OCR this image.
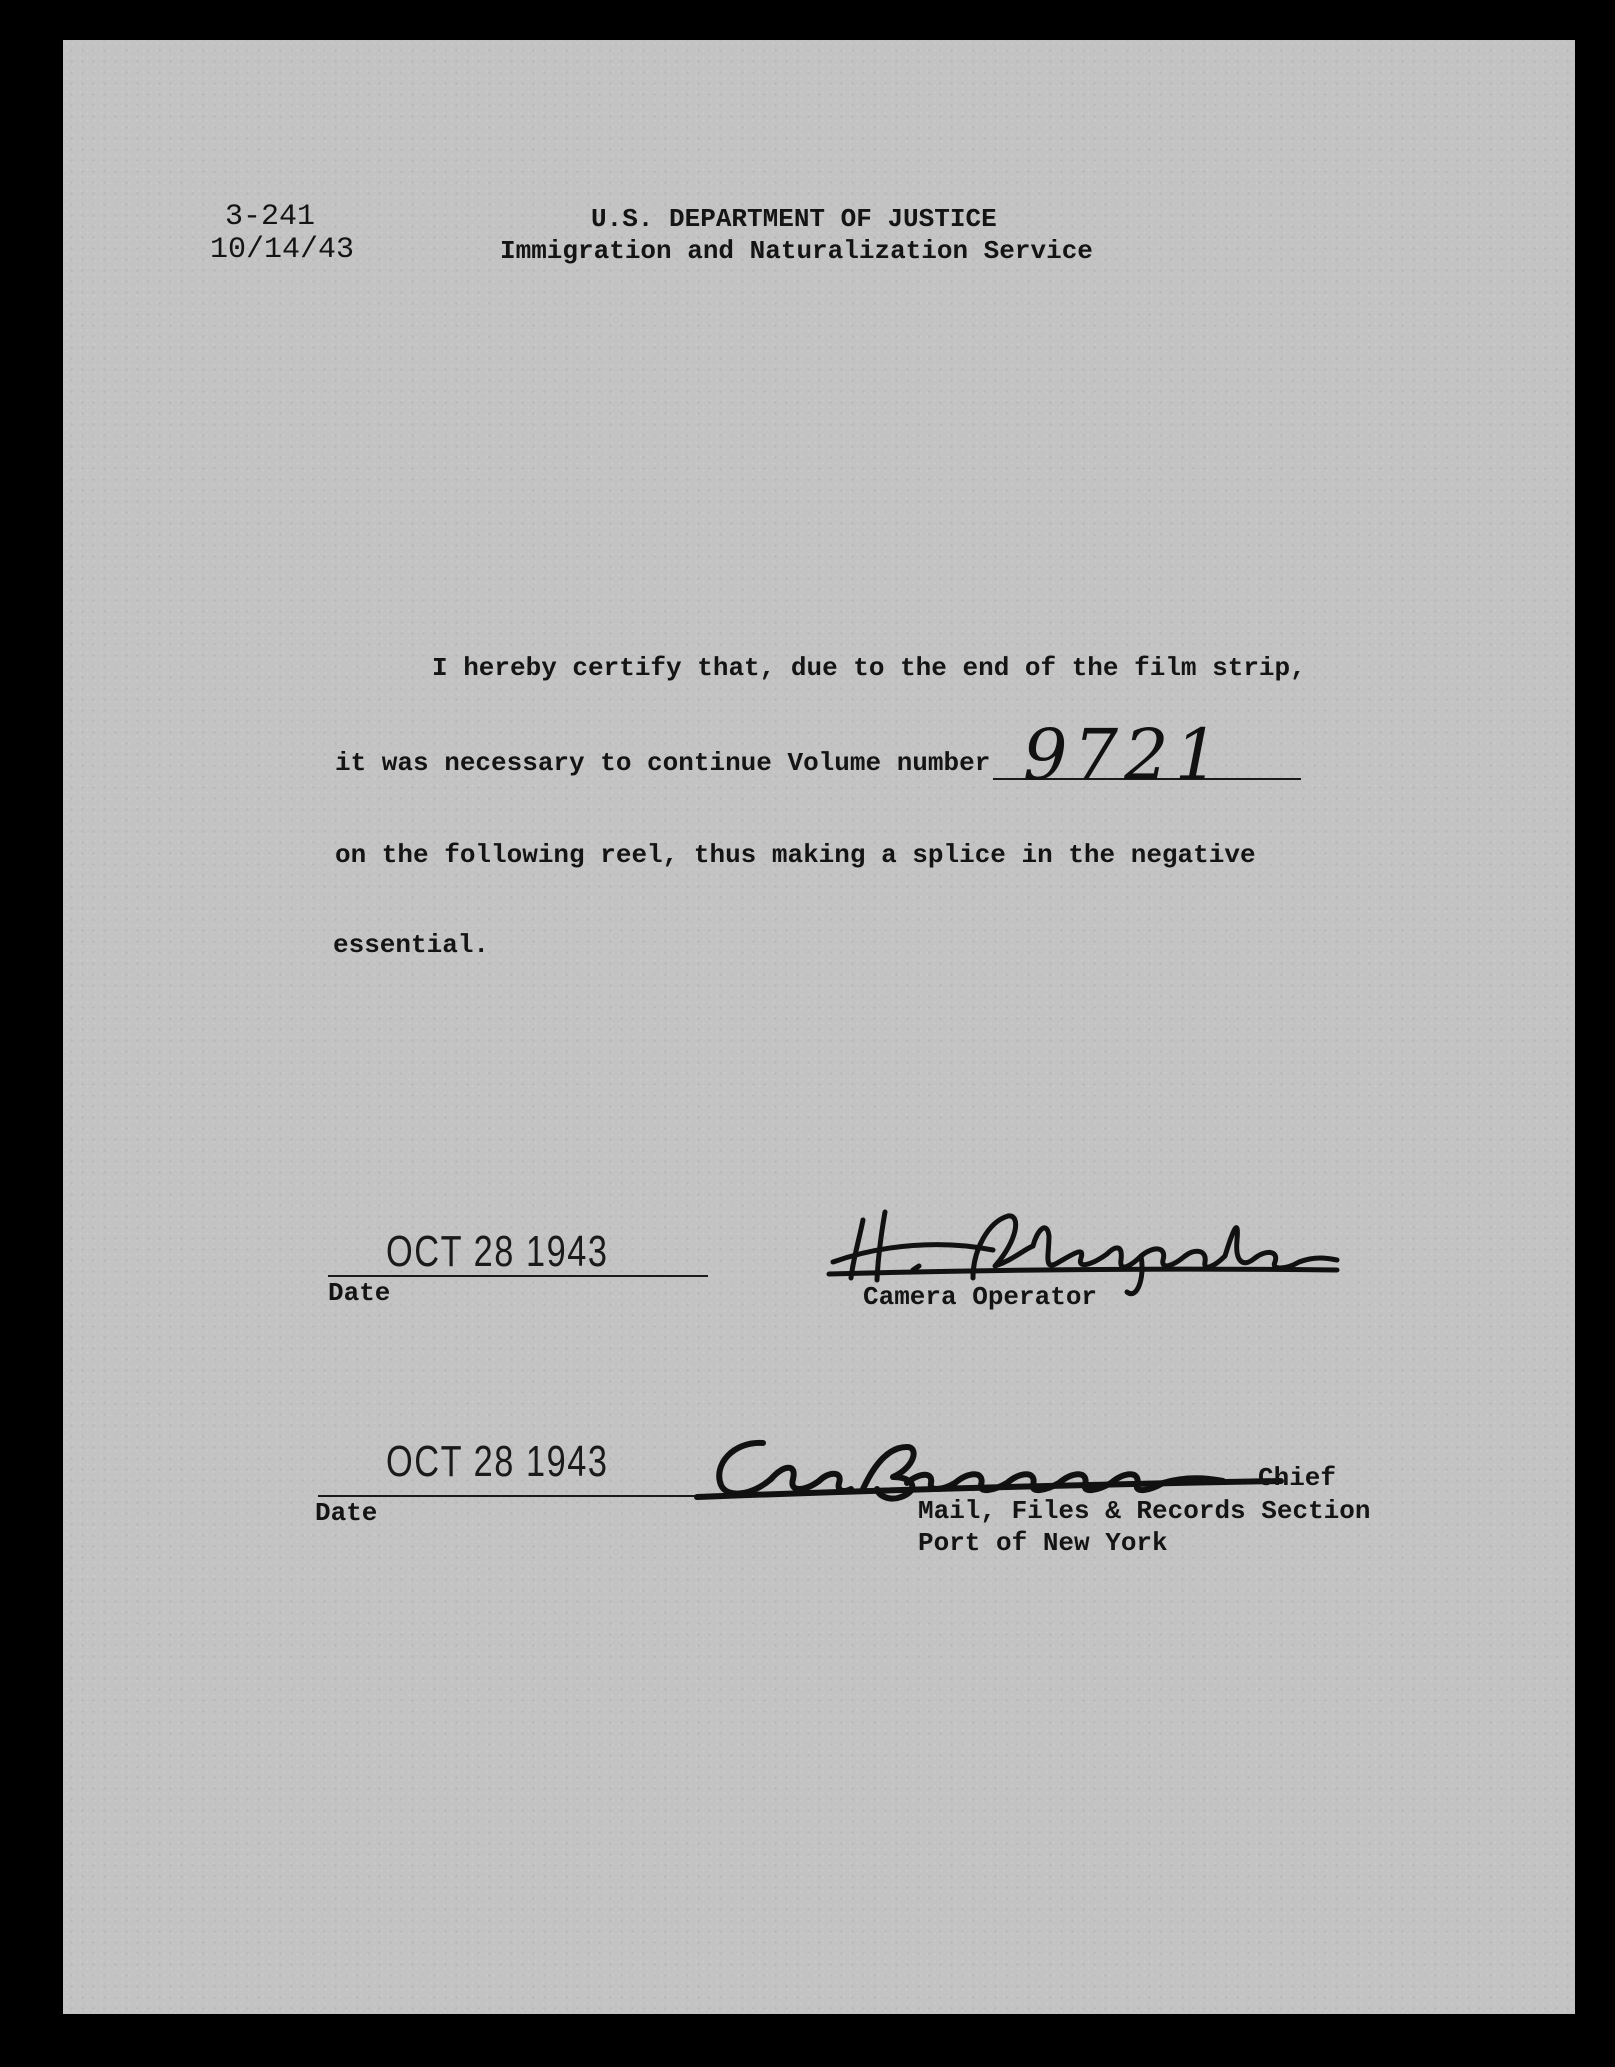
3-241
10/14/43
U.S. DEPARTMENT OF JUSTICE
Immigration and Naturalization Service
I hereby certify that, due to the end of the film strip,
it was necessary to continue Volume number 9721
on the following reel, thus making a splice in the negative
essential.
OCT 28 1943
Date	Camera Operator
OCT 28 1943
Date
Chief
Mail, Files & Records Section
Port of New York
